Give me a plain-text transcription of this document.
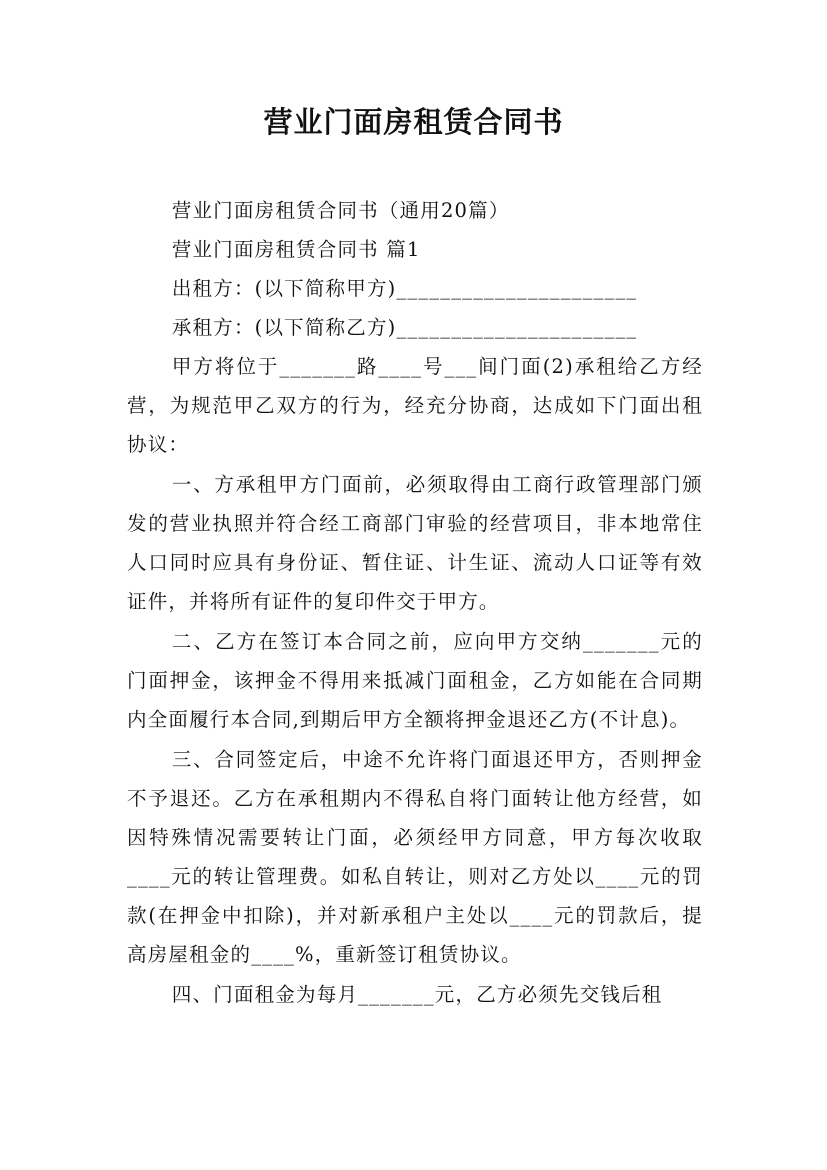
营业门面房租赁合同书

营业门面房租赁合同书（通用20篇）

营业门面房租赁合同书 篇1

出租方：(以下简称甲方)______________________

承租方：(以下简称乙方)______________________

甲方将位于_______路____号___间门面(2)承租给乙方经营，为规范甲乙双方的行为，经充分协商，达成如下门面出租协议：

一、方承租甲方门面前，必须取得由工商行政管理部门颁发的营业执照并符合经工商部门审验的经营项目，非本地常住人口同时应具有身份证、暂住证、计生证、流动人口证等有效证件，并将所有证件的复印件交于甲方。

二、乙方在签订本合同之前，应向甲方交纳_______元的门面押金，该押金不得用来抵减门面租金，乙方如能在合同期内全面履行本合同,到期后甲方全额将押金退还乙方(不计息)。

三、合同签定后，中途不允许将门面退还甲方，否则押金不予退还。乙方在承租期内不得私自将门面转让他方经营，如因特殊情况需要转让门面，必须经甲方同意，甲方每次收取____元的转让管理费。如私自转让，则对乙方处以____元的罚款(在押金中扣除)，并对新承租户主处以____元的罚款后，提高房屋租金的____%，重新签订租赁协议。

四、门面租金为每月_______元，乙方必须先交钱后租
